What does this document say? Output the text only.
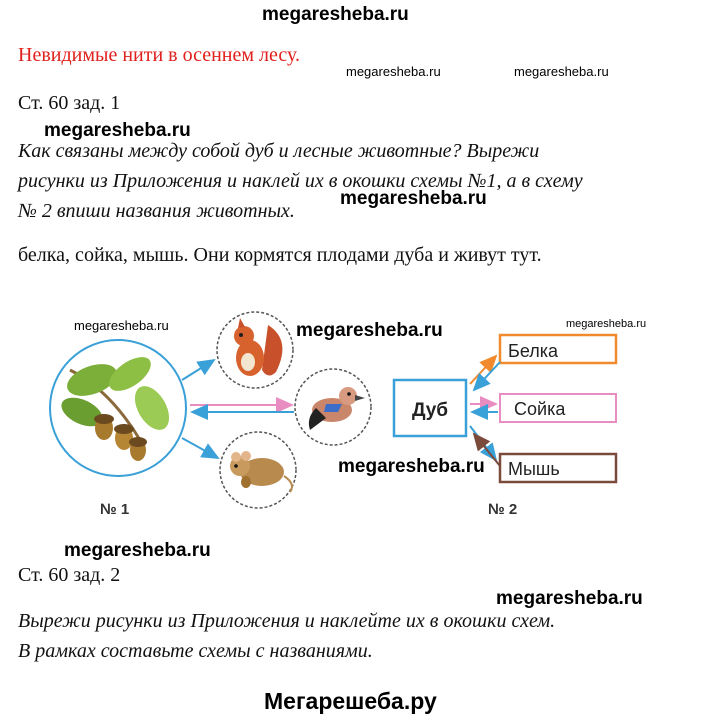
megaresheba.ru
Невидимые нити в осеннем лесу.
megaresheba.ru	megaresheba.ru
Ст. 60 зад. 1
megaresheba.ru
Как связаны между собой дуб и лесные животные? Вырежи
рисунки из Приложения и наклей их в окошки схемы №1, а в схему
№ 2 впиши названия животных.
megaresheba.ru
белка, сойка, мышь. Они кормятся плодами дуба и живут тут.
№ 1
Дуб
Белка
Сойка
Мышь
№ 2
megaresheba.ru	megaresheba.ru	megaresheba.ru
megaresheba.ru
megaresheba.ru
Ст. 60 зад. 2
megaresheba.ru
Вырежи рисунки из Приложения и наклейте их в окошки схем.
В рамках составьте схемы с названиями.
Мегарешеба.ру
